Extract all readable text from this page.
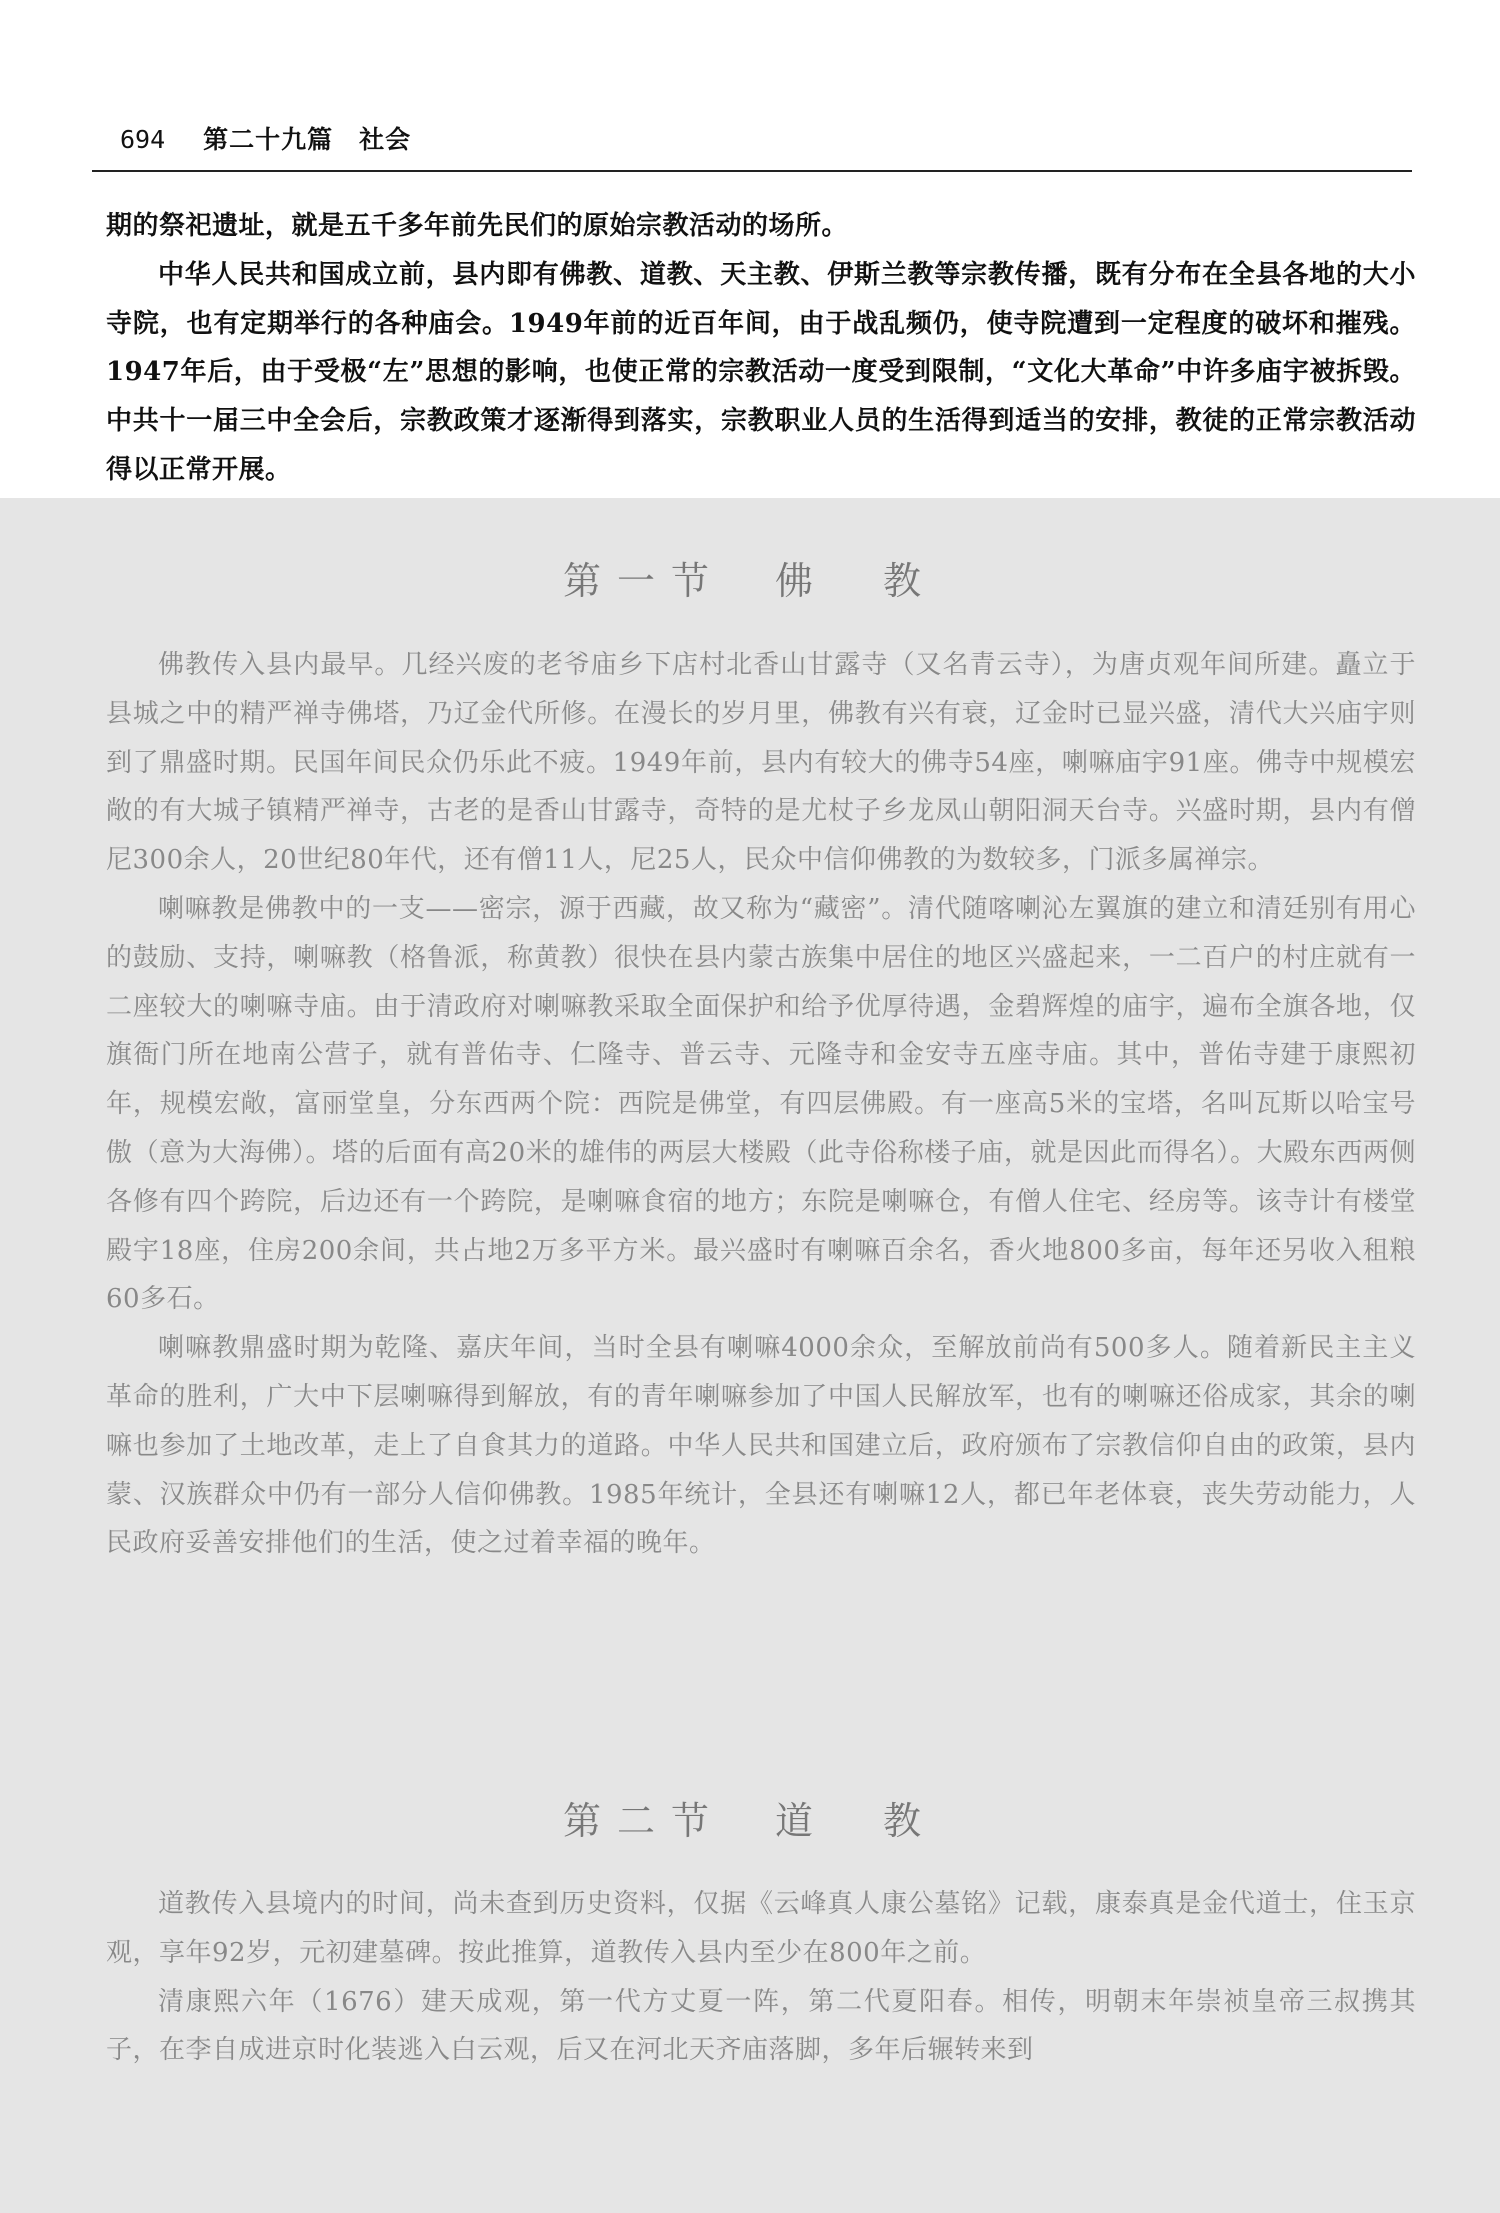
694 第二十九篇　社会

期的祭祀遗址，就是五千多年前先民们的原始宗教活动的场所。

中华人民共和国成立前，县内即有佛教、道教、天主教、伊斯兰教等宗教传播，既有分布在全县各地的大小寺院，也有定期举行的各种庙会。1949年前的近百年间，由于战乱频仍，使寺院遭到一定程度的破坏和摧残。1947年后，由于受极“左”思想的影响，也使正常的宗教活动一度受到限制，“文化大革命”中许多庙宇被拆毁。中共十一届三中全会后，宗教政策才逐渐得到落实，宗教职业人员的生活得到适当的安排，教徒的正常宗教活动得以正常开展。

第一节 佛　教

佛教传入县内最早。几经兴废的老爷庙乡下店村北香山甘露寺（又名青云寺），为唐贞观年间所建。矗立于县城之中的精严禅寺佛塔，乃辽金代所修。在漫长的岁月里，佛教有兴有衰，辽金时已显兴盛，清代大兴庙宇则到了鼎盛时期。民国年间民众仍乐此不疲。1949年前，县内有较大的佛寺54座，喇嘛庙宇91座。佛寺中规模宏敞的有大城子镇精严禅寺，古老的是香山甘露寺，奇特的是尤杖子乡龙凤山朝阳洞天台寺。兴盛时期，县内有僧尼300余人，20世纪80年代，还有僧11人，尼25人，民众中信仰佛教的为数较多，门派多属禅宗。

喇嘛教是佛教中的一支——密宗，源于西藏，故又称为“藏密”。清代随喀喇沁左翼旗的建立和清廷别有用心的鼓励、支持，喇嘛教（格鲁派，称黄教）很快在县内蒙古族集中居住的地区兴盛起来，一二百户的村庄就有一二座较大的喇嘛寺庙。由于清政府对喇嘛教采取全面保护和给予优厚待遇，金碧辉煌的庙宇，遍布全旗各地，仅旗衙门所在地南公营子，就有普佑寺、仁隆寺、普云寺、元隆寺和金安寺五座寺庙。其中，普佑寺建于康熙初年，规模宏敞，富丽堂皇，分东西两个院：西院是佛堂，有四层佛殿。有一座高5米的宝塔，名叫瓦斯以哈宝号傲（意为大海佛）。塔的后面有高20米的雄伟的两层大楼殿（此寺俗称楼子庙，就是因此而得名）。大殿东西两侧各修有四个跨院，后边还有一个跨院，是喇嘛食宿的地方；东院是喇嘛仓，有僧人住宅、经房等。该寺计有楼堂殿宇18座，住房200余间，共占地2万多平方米。最兴盛时有喇嘛百余名，香火地800多亩，每年还另收入租粮60多石。

喇嘛教鼎盛时期为乾隆、嘉庆年间，当时全县有喇嘛4000余众，至解放前尚有500多人。随着新民主主义革命的胜利，广大中下层喇嘛得到解放，有的青年喇嘛参加了中国人民解放军，也有的喇嘛还俗成家，其余的喇嘛也参加了土地改革，走上了自食其力的道路。中华人民共和国建立后，政府颁布了宗教信仰自由的政策，县内蒙、汉族群众中仍有一部分人信仰佛教。1985年统计，全县还有喇嘛12人，都已年老体衰，丧失劳动能力，人民政府妥善安排他们的生活，使之过着幸福的晚年。

第二节 道　教

道教传入县境内的时间，尚未查到历史资料，仅据《云峰真人康公墓铭》记载，康泰真是金代道士，住玉京观，享年92岁，元初建墓碑。按此推算，道教传入县内至少在800年之前。

清康熙六年（1676）建天成观，第一代方丈夏一阵，第二代夏阳春。相传，明朝末年崇祯皇帝三叔携其子，在李自成进京时化装逃入白云观，后又在河北天齐庙落脚，多年后辗转来到
